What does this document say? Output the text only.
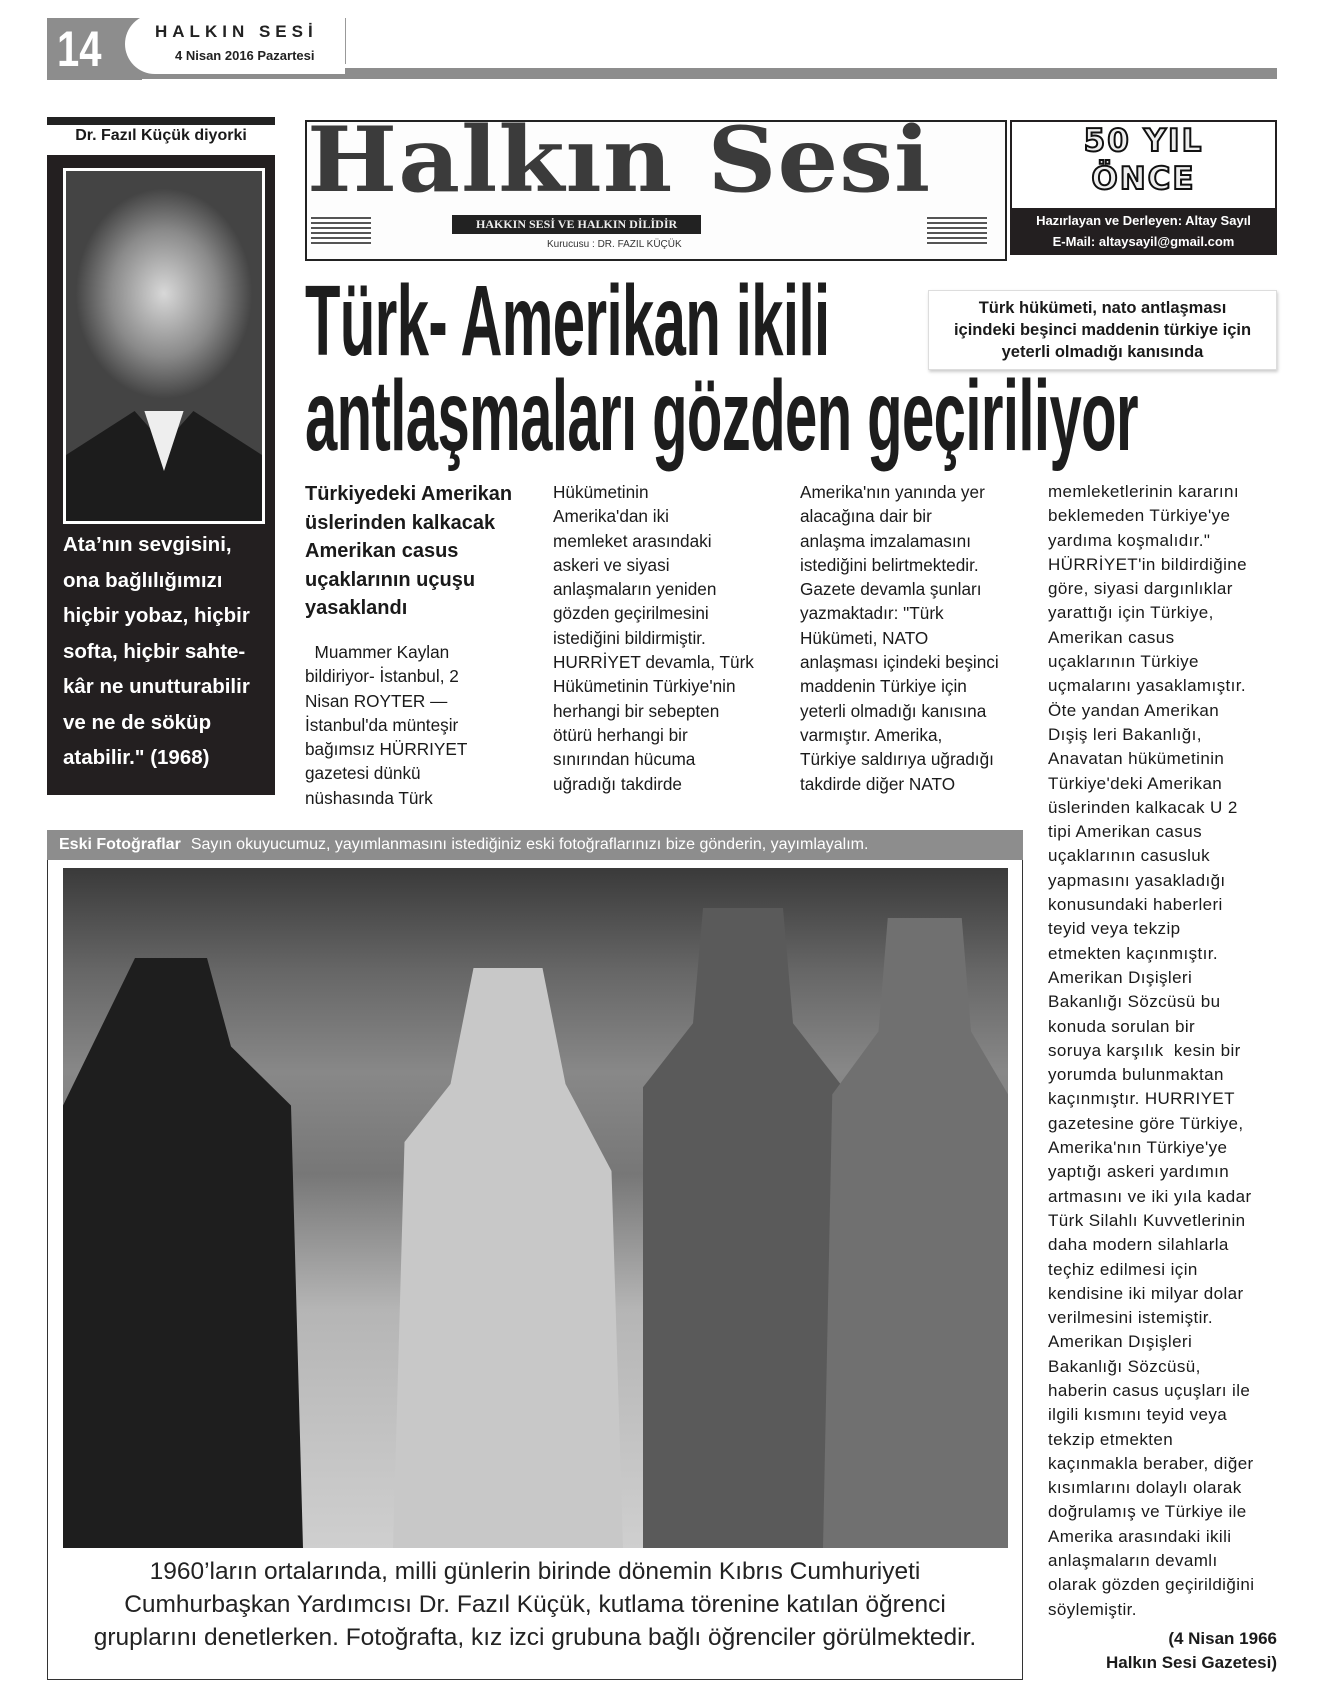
14	HALKIN SESİ
4 Nisan 2016 Pazartesi
Dr. Fazıl Küçük diyorki
Ata’nın sevgisini,
ona bağlılığımızı
hiçbir yobaz, hiçbir
softa, hiçbir sahte-
kâr ne unutturabilir
ve ne de söküp
atabilir." (1968)
Halkın Sesi
HAKKIN SESİ VE HALKIN DİLİDİR
Kurucusu : DR. FAZIL KÜÇÜK
50 YIL
ÖNCE
Hazırlayan ve Derleyen: Altay Sayıl
E-Mail: altaysayil@gmail.com
Türk- Amerikan ikili
antlaşmaları gözden geçiriliyor
Türk hükümeti, nato antlaşması
içindeki beşinci maddenin türkiye için
yeterli olmadığı kanısında
Türkiyedeki Amerikan
üslerinden kalkacak
Amerikan casus
uçaklarının uçuşu
yasaklandı
Muammer Kaylan
bildiriyor- İstanbul, 2
Nisan ROYTER —
İstanbul'da münteşir
bağımsız HÜRRIYET
gazetesi dünkü
nüshasında Türk
Hükümetinin
Amerika'dan iki
memleket arasındaki
askeri ve siyasi
anlaşmaların yeniden
gözden geçirilmesini
istediğini bildirmiştir.
HURRİYET devamla, Türk
Hükümetinin Türkiye'nin
herhangi bir sebepten
ötürü herhangi bir
sınırından hücuma
uğradığı takdirde
Amerika'nın yanında yer
alacağına dair bir
anlaşma imzalamasını
istediğini belirtmektedir.
Gazete devamla şunları
yazmaktadır: "Türk
Hükümeti, NATO
anlaşması içindeki beşinci
maddenin Türkiye için
yeterli olmadığı kanısına
varmıştır. Amerika,
Türkiye saldırıya uğradığı
takdirde diğer NATO
memleketlerinin kararını
beklemeden Türkiye'ye
yardıma koşmalıdır."
HÜRRİYET'in bildirdiğine
göre, siyasi dargınlıklar
yarattığı için Türkiye,
Amerikan casus
uçaklarının Türkiye
uçmalarını yasaklamıştır.
Öte yandan Amerikan
Dışiş leri Bakanlığı,
Anavatan hükümetinin
Türkiye'deki Amerikan
üslerinden kalkacak U 2
tipi Amerikan casus
uçaklarının casusluk
yapmasını yasakladığı
konusundaki haberleri
teyid veya tekzip
etmekten kaçınmıştır.
Amerikan Dışişleri
Bakanlığı Sözcüsü bu
konuda sorulan bir
soruya karşılık  kesin bir
yorumda bulunmaktan
kaçınmıştır. HURRIYET
gazetesine göre Türkiye,
Amerika'nın Türkiye'ye
yaptığı askeri yardımın
artmasını ve iki yıla kadar
Türk Silahlı Kuvvetlerinin
daha modern silahlarla
teçhiz edilmesi için
kendisine iki milyar dolar
verilmesini istemiştir.
Amerikan Dışişleri
Bakanlığı Sözcüsü,
haberin casus uçuşları ile
ilgili kısmını teyid veya
tekzip etmekten
kaçınmakla beraber, diğer
kısımlarını dolaylı olarak
doğrulamış ve Türkiye ile
Amerika arasındaki ikili
anlaşmaların devamlı
olarak gözden geçirildiğini
söylemiştir.
(4 Nisan 1966
Halkın Sesi Gazetesi)
Eski Fotoğraflar Sayın okuyucumuz, yayımlanmasını istediğiniz eski fotoğraflarınızı bize gönderin, yayımlayalım.
1960’ların ortalarında, milli günlerin birinde dönemin Kıbrıs Cumhuriyeti
Cumhurbaşkan Yardımcısı Dr. Fazıl Küçük, kutlama törenine katılan öğrenci
gruplarını denetlerken. Fotoğrafta, kız izci grubuna bağlı öğrenciler görülmektedir.
